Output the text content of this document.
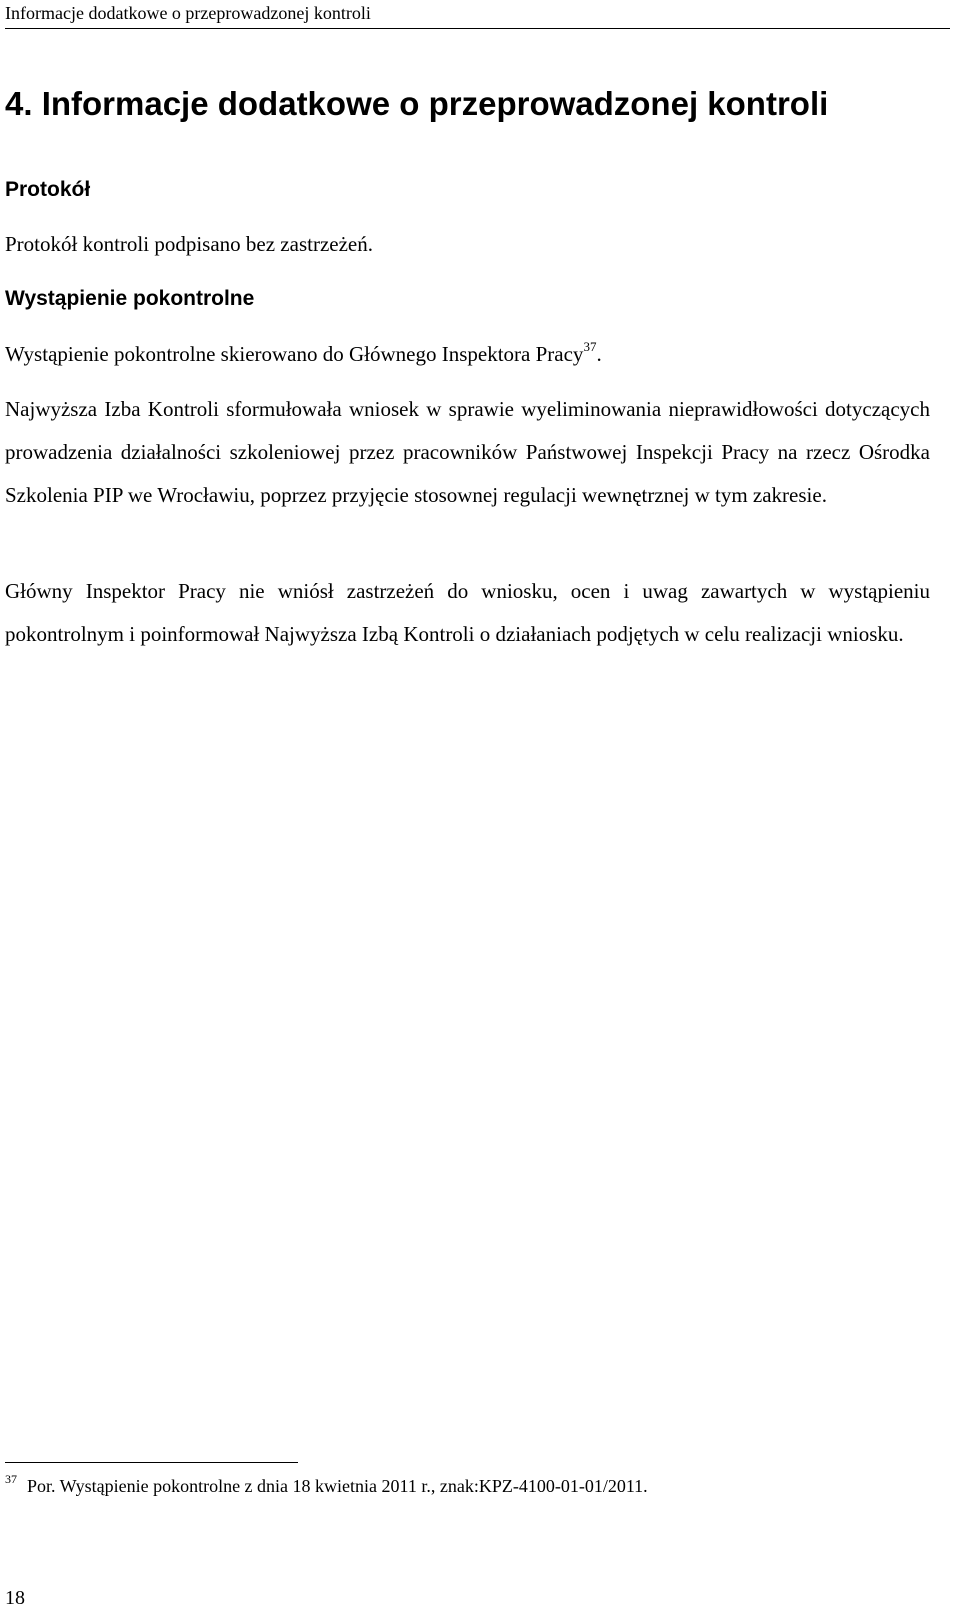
Informacje dodatkowe o przeprowadzonej kontroli
4. Informacje dodatkowe o przeprowadzonej kontroli
Protokół

Protokół kontroli podpisano bez zastrzeżeń.

Wystąpienie pokontrolne

Wystąpienie pokontrolne skierowano do Głównego Inspektora Pracy$^{37}$.

Najwyższa Izba Kontroli sformułowała wniosek w sprawie wyeliminowania nieprawidłowości dotyczących prowadzenia działalności szkoleniowej przez pracowników Państwowej Inspekcji Pracy na rzecz Ośrodka Szkolenia PIP we Wrocławiu, poprzez przyjęcie stosownej regulacji wewnętrznej w tym zakresie.

Główny Inspektor Pracy nie wniósł zastrzeżeń do wniosku, ocen i uwag zawartych w wystąpieniu pokontrolnym i poinformował Najwyższa Izbą Kontroli o działaniach podjętych w celu realizacji wniosku.

$^{37}$ Por. Wystąpienie pokontrolne z dnia 18 kwietnia 2011 r., znak:KPZ-4100-01-01/2011.
18
